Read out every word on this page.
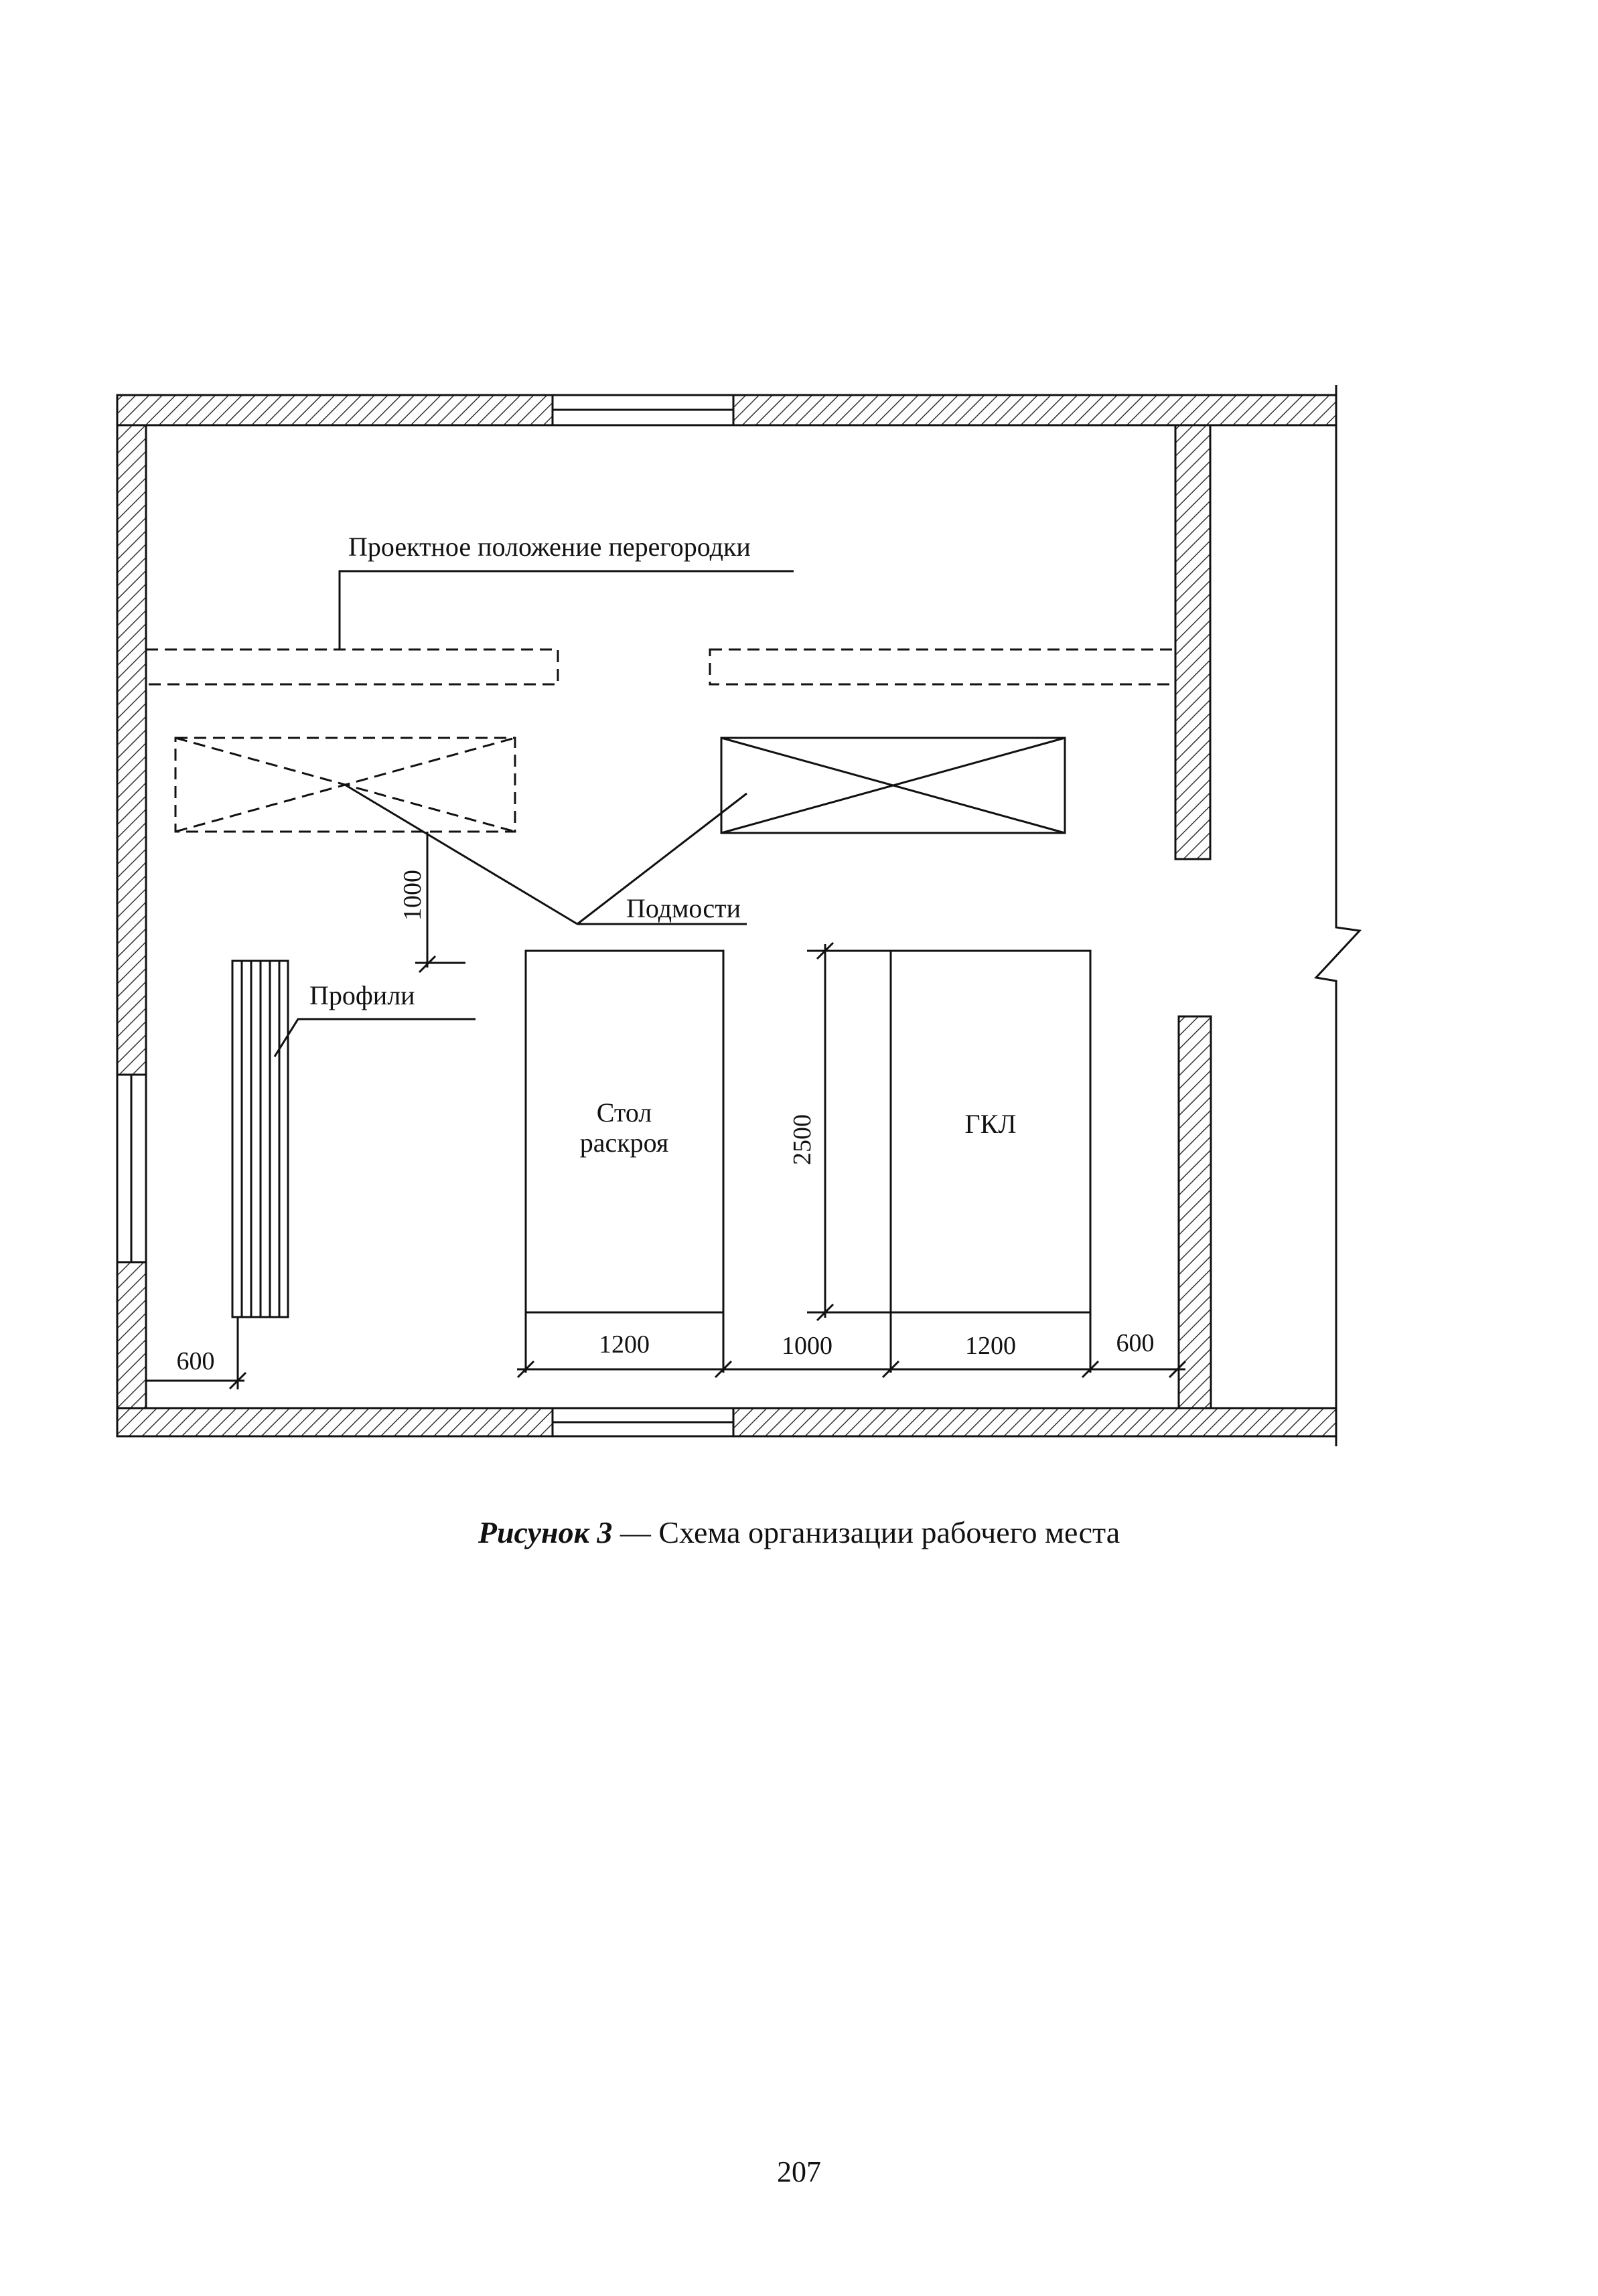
Проектное положение перегородки
Подмости
Профили
1000
Стол
раскроя
ГКЛ
2500
1200	1000	1200	600
600
Рисунок 3 — Схема организации рабочего места
207
